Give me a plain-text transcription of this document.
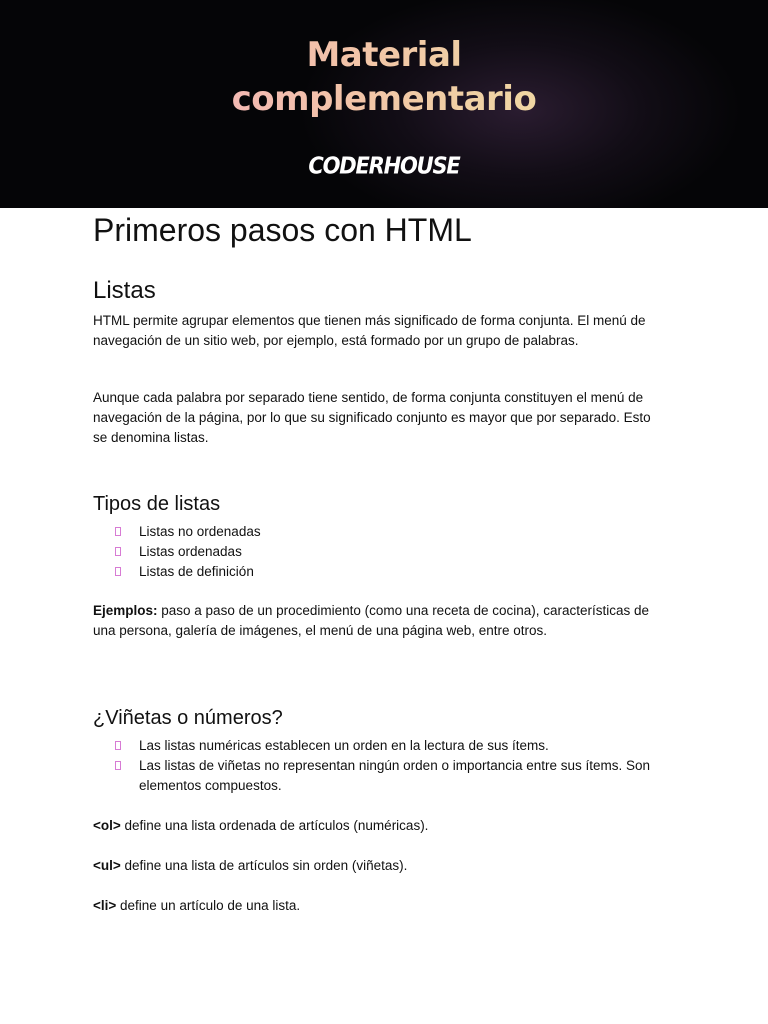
Material
complementario
CODERHOUSE
Primeros pasos con HTML
Listas

HTML permite agrupar elementos que tienen más significado de forma conjunta. El menú de navegación de un sitio web, por ejemplo, está formado por un grupo de palabras.

Aunque cada palabra por separado tiene sentido, de forma conjunta constituyen el menú de navegación de la página, por lo que su significado conjunto es mayor que por separado. Esto se denomina listas.

Tipos de listas
Listas no ordenadas
Listas ordenadas
Listas de definición

Ejemplos: paso a paso de un procedimiento (como una receta de cocina), características de una persona, galería de imágenes, el menú de una página web, entre otros.

¿Viñetas o números?
Las listas numéricas establecen un orden en la lectura de sus ítems.
Las listas de viñetas no representan ningún orden o importancia entre sus ítems. Son elementos compuestos.

<ol> define una lista ordenada de artículos (numéricas).

<ul> define una lista de artículos sin orden (viñetas).

<li> define un artículo de una lista.
